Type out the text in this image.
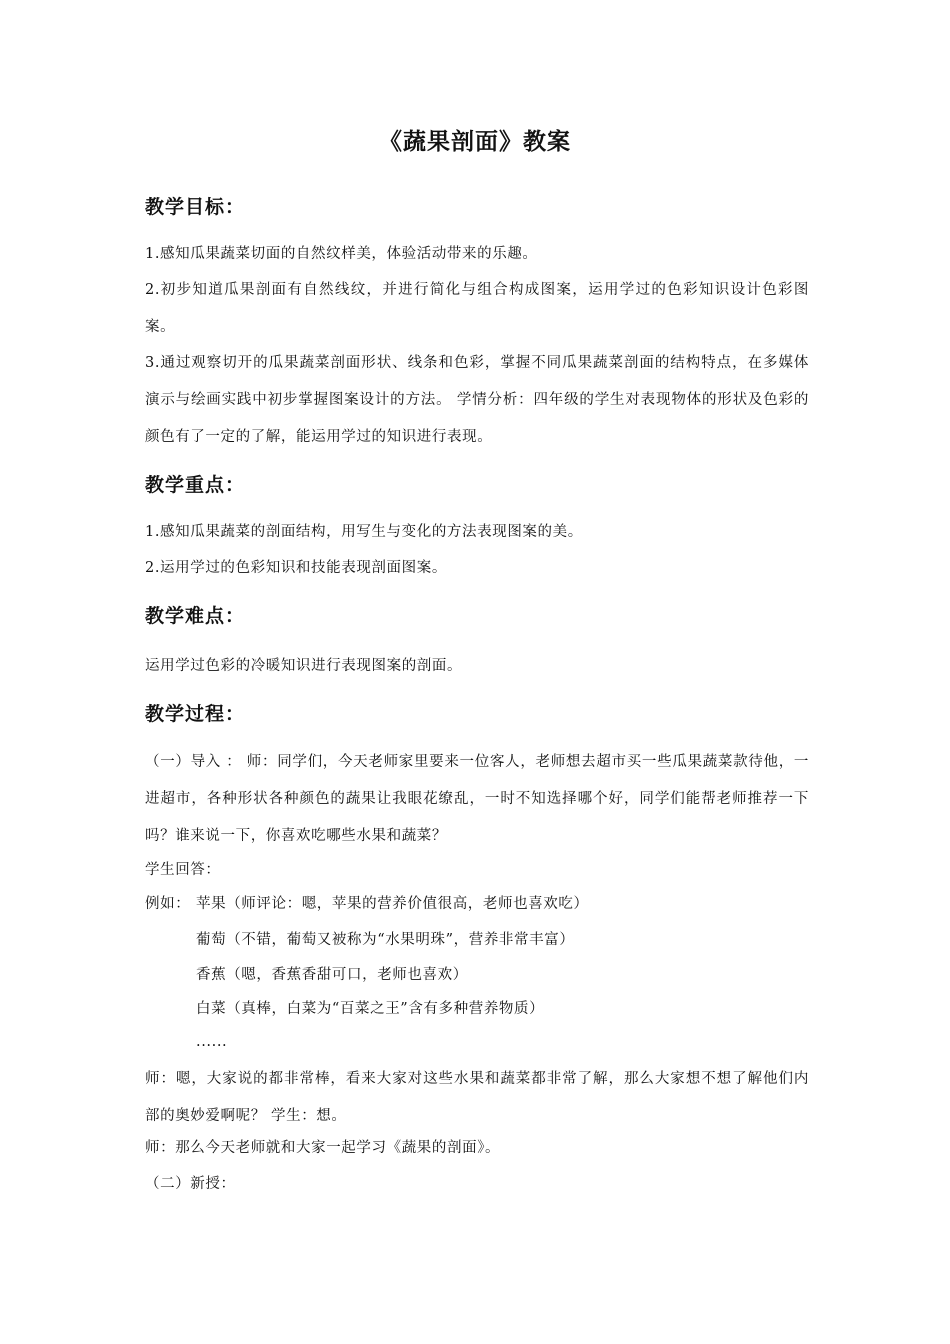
《蔬果剖面》教案
教学目标：
1.感知瓜果蔬菜切面的自然纹样美，体验活动带来的乐趣。
2.初步知道瓜果剖面有自然线纹，并进行简化与组合构成图案，运用学过的色彩知识设计色彩图案。
3.通过观察切开的瓜果蔬菜剖面形状、线条和色彩，掌握不同瓜果蔬菜剖面的结构特点，在多媒体演示与绘画实践中初步掌握图案设计的方法。 学情分析：四年级的学生对表现物体的形状及色彩的颜色有了一定的了解，能运用学过的知识进行表现。
教学重点：
1.感知瓜果蔬菜的剖面结构，用写生与变化的方法表现图案的美。
2.运用学过的色彩知识和技能表现剖面图案。
教学难点：
运用学过色彩的冷暖知识进行表现图案的剖面。
教学过程：
（一）导入 ： 师：同学们，今天老师家里要来一位客人，老师想去超市买一些瓜果蔬菜款待他，一进超市，各种形状各种颜色的蔬果让我眼花缭乱，一时不知选择哪个好，同学们能帮老师推荐一下吗？谁来说一下，你喜欢吃哪些水果和蔬菜？
学生回答：
例如： 苹果（师评论：嗯，苹果的营养价值很高，老师也喜欢吃）
葡萄（不错，葡萄又被称为“水果明珠”，营养非常丰富）
香蕉（嗯，香蕉香甜可口，老师也喜欢）
白菜（真棒，白菜为“百菜之王”含有多种营养物质）
......
师：嗯，大家说的都非常棒，看来大家对这些水果和蔬菜都非常了解，那么大家想不想了解他们内部的奥妙爱啊呢？ 学生：想。
师：那么今天老师就和大家一起学习《蔬果的剖面》。
（二）新授：
